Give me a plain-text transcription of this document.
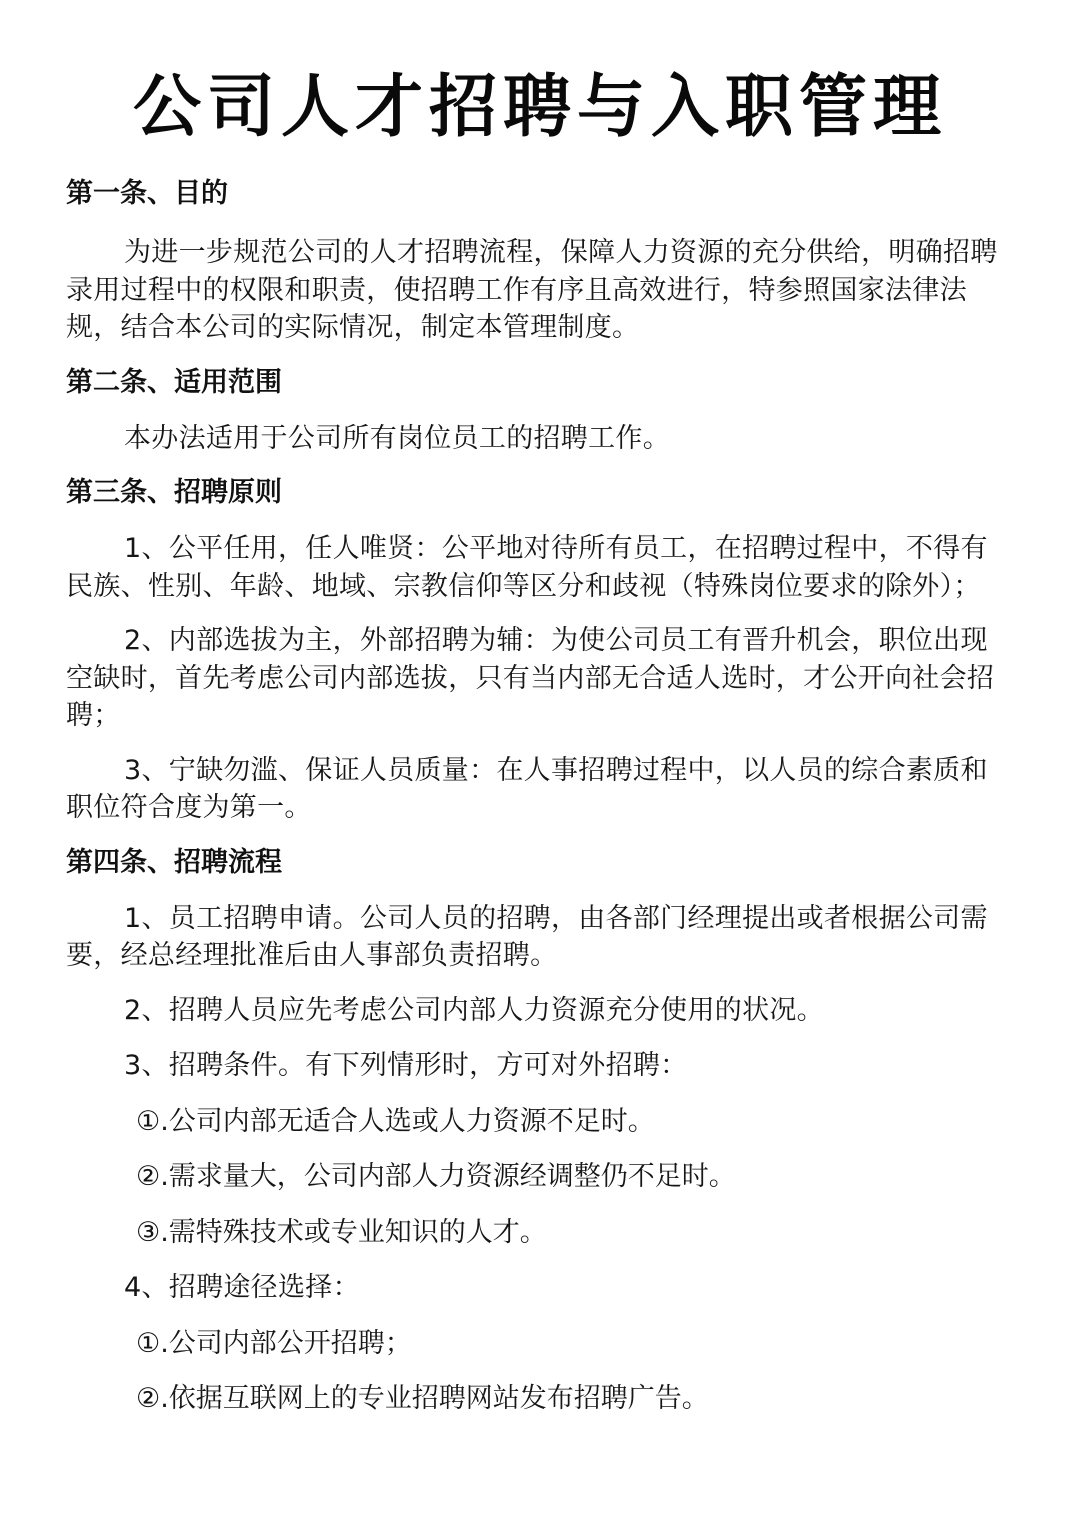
公司人才招聘与入职管理
第一条、目的

为进一步规范公司的人才招聘流程，保障人力资源的充分供给，明确招聘录用过程中的权限和职责，使招聘工作有序且高效进行，特参照国家法律法规，结合本公司的实际情况，制定本管理制度。

第二条、适用范围

本办法适用于公司所有岗位员工的招聘工作。

第三条、招聘原则

1、公平任用，任人唯贤：公平地对待所有员工，在招聘过程中，不得有民族、性别、年龄、地域、宗教信仰等区分和歧视（特殊岗位要求的除外）；

2、内部选拔为主，外部招聘为辅：为使公司员工有晋升机会，职位出现空缺时，首先考虑公司内部选拔，只有当内部无合适人选时，才公开向社会招聘；

3、宁缺勿滥、保证人员质量：在人事招聘过程中，以人员的综合素质和职位符合度为第一。

第四条、招聘流程

1、员工招聘申请。公司人员的招聘，由各部门经理提出或者根据公司需要，经总经理批准后由人事部负责招聘。

2、招聘人员应先考虑公司内部人力资源充分使用的状况。

3、招聘条件。有下列情形时，方可对外招聘：

①.公司内部无适合人选或人力资源不足时。

②.需求量大，公司内部人力资源经调整仍不足时。

③.需特殊技术或专业知识的人才。

4、招聘途径选择：

①.公司内部公开招聘；

②.依据互联网上的专业招聘网站发布招聘广告。
